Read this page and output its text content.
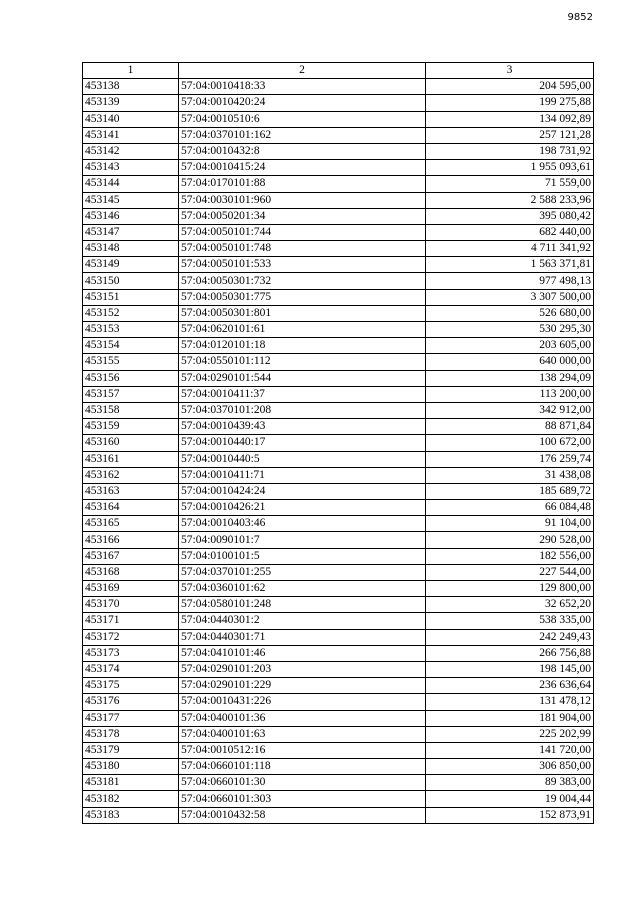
9852
1	2	3
453138	57:04:0010418:33	204 595,00
453139	57:04:0010420:24	199 275,88
453140	57:04:0010510:6	134 092,89
453141	57:04:0370101:162	257 121,28
453142	57:04:0010432:8	198 731,92
453143	57:04:0010415:24	1 955 093,61
453144	57:04:0170101:88	71 559,00
453145	57:04:0030101:960	2 588 233,96
453146	57:04:0050201:34	395 080,42
453147	57:04:0050101:744	682 440,00
453148	57:04:0050101:748	4 711 341,92
453149	57:04:0050101:533	1 563 371,81
453150	57:04:0050301:732	977 498,13
453151	57:04:0050301:775	3 307 500,00
453152	57:04:0050301:801	526 680,00
453153	57:04:0620101:61	530 295,30
453154	57:04:0120101:18	203 605,00
453155	57:04:0550101:112	640 000,00
453156	57:04:0290101:544	138 294,09
453157	57:04:0010411:37	113 200,00
453158	57:04:0370101:208	342 912,00
453159	57:04:0010439:43	88 871,84
453160	57:04:0010440:17	100 672,00
453161	57:04:0010440:5	176 259,74
453162	57:04:0010411:71	31 438,08
453163	57:04:0010424:24	185 689,72
453164	57:04:0010426:21	66 084,48
453165	57:04:0010403:46	91 104,00
453166	57:04:0090101:7	290 528,00
453167	57:04:0100101:5	182 556,00
453168	57:04:0370101:255	227 544,00
453169	57:04:0360101:62	129 800,00
453170	57:04:0580101:248	32 652,20
453171	57:04:0440301:2	538 335,00
453172	57:04:0440301:71	242 249,43
453173	57:04:0410101:46	266 756,88
453174	57:04:0290101:203	198 145,00
453175	57:04:0290101:229	236 636,64
453176	57:04:0010431:226	131 478,12
453177	57:04:0400101:36	181 904,00
453178	57:04:0400101:63	225 202,99
453179	57:04:0010512:16	141 720,00
453180	57:04:0660101:118	306 850,00
453181	57:04:0660101:30	89 383,00
453182	57:04:0660101:303	19 004,44
453183	57:04:0010432:58	152 873,91
